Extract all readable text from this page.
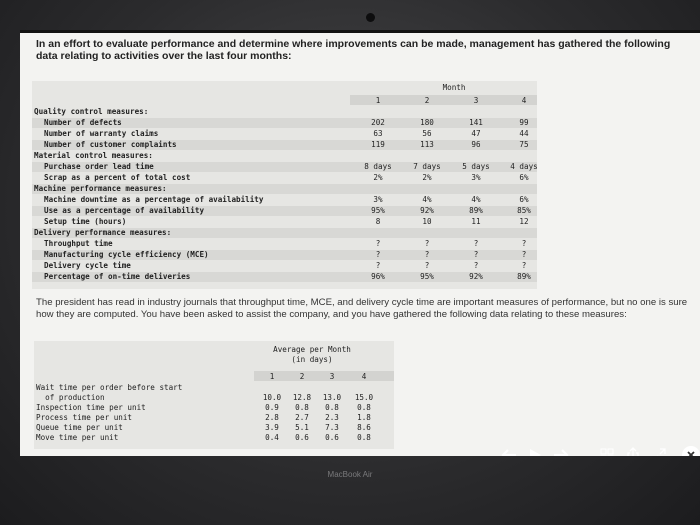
In an effort to evaluate performance and determine where improvements can be made, management has gathered the following data relating to activities over the last four months:
Month
1	2	3	4
Quality control measures:
Number of defects	202	180	141	99
Number of warranty claims	63	56	47	44
Number of customer complaints	119	113	96	75
Material control measures:
Purchase order lead time	8 days	7 days	5 days	4 days
Scrap as a percent of total cost	2%	2%	3%	6%
Machine performance measures:
Machine downtime as a percentage of availability	3%	4%	4%	6%
Use as a percentage of availability	95%	92%	89%	85%
Setup time (hours)	8	10	11	12
Delivery performance measures:
Throughput time	?	?	?	?
Manufacturing cycle efficiency (MCE)	?	?	?	?
Delivery cycle time	?	?	?	?
Percentage of on-time deliveries	96%	95%	92%	89%
The president has read in industry journals that throughput time, MCE, and delivery cycle time are important measures of performance, but no one is sure how they are computed. You have been asked to assist the company, and you have gathered the following data relating to these measures:
Average per Month
(in days)
1	2	3	4
Wait time per order before start
of production	10.0	12.8	13.0	15.0
Inspection time per unit	0.9	0.8	0.8	0.8
Process time per unit	2.8	2.7	2.3	1.8
Queue time per unit	3.9	5.1	7.3	8.6
Move time per unit	0.4	0.6	0.6	0.8
MacBook Air
